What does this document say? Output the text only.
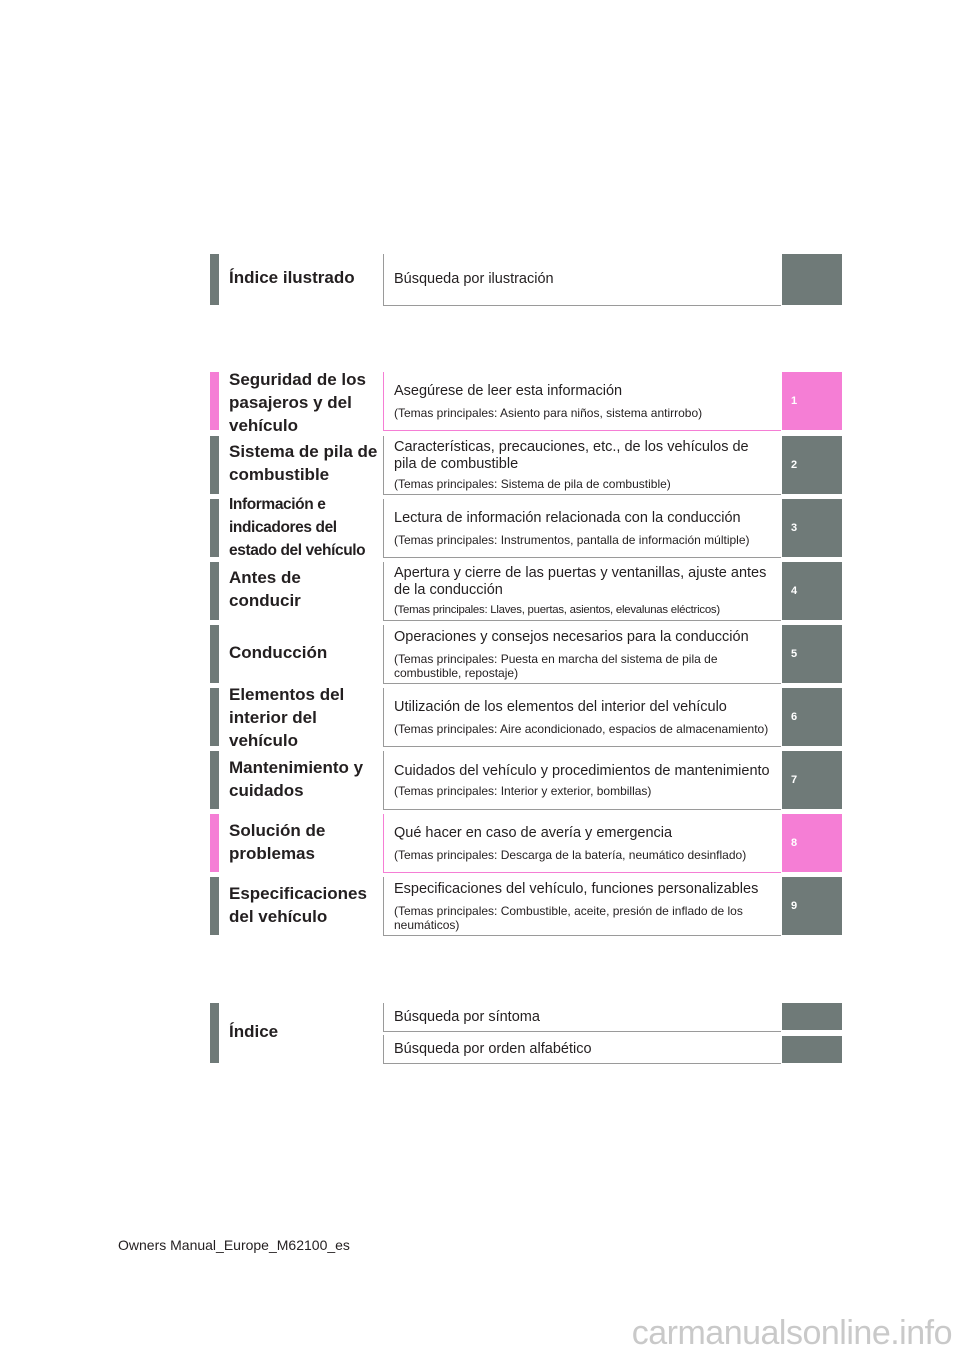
Índice ilustrado	Búsqueda por ilustración
Seguridad de los pasajeros y del vehículo
Asegúrese de leer esta información
(Temas principales: Asiento para niños, sistema antirrobo)
1
Sistema de pila de combustible
Características, precauciones, etc., de los vehículos de pila de combustible
(Temas principales: Sistema de pila de combustible)
2
Información e indicadores del estado del vehículo
Lectura de información relacionada con la conducción
(Temas principales: Instrumentos, pantalla de información múltiple)
3
Antes de conducir
Apertura y cierre de las puertas y ventanillas, ajuste antes de la conducción
(Temas principales: Llaves, puertas, asientos, elevalunas eléctricos)
4
Conducción
Operaciones y consejos necesarios para la conducción
(Temas principales: Puesta en marcha del sistema de pila de combustible, repostaje)
5
Elementos del interior del vehículo
Utilización de los elementos del interior del vehículo
(Temas principales: Aire acondicionado, espacios de almacenamiento)
6
Mantenimiento y cuidados
Cuidados del vehículo y procedimientos de mantenimiento
(Temas principales: Interior y exterior, bombillas)
7
Solución de problemas
Qué hacer en caso de avería y emergencia
(Temas principales: Descarga de la batería, neumático desinflado)
8
Especificaciones del vehículo
Especificaciones del vehículo, funciones personalizables
(Temas principales: Combustible, aceite, presión de inflado de los neumáticos)
9
Índice
Búsqueda por síntoma
Búsqueda por orden alfabético
Owners Manual_Europe_M62100_es
carmanualsonline.info
